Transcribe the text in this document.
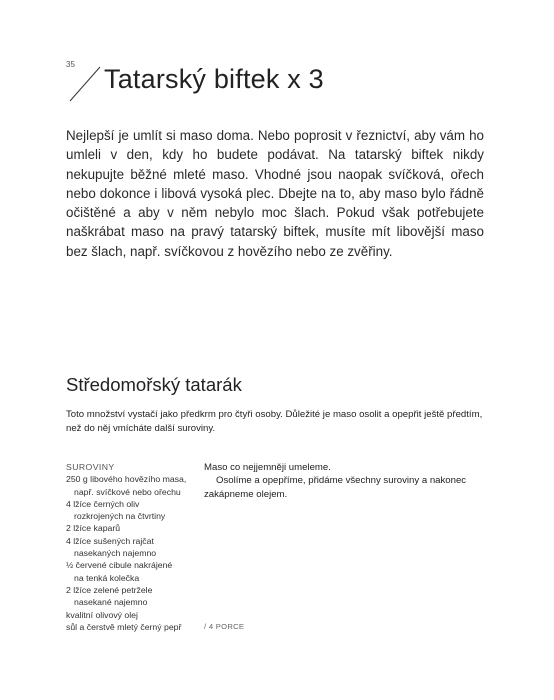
35 Tatarský biftek x 3

Nejlepší je umlít si maso doma. Nebo poprosit v řeznictví, aby vám ho umleli v den, kdy ho budete podávat. Na tatarský biftek nikdy nekupujte běžné mleté maso. Vhodné jsou naopak svíčková, ořech nebo dokonce i libová vysoká plec. Dbejte na to, aby maso bylo řádně očištěné a aby v něm nebylo moc šlach. Pokud však potřebujete naškrábat maso na pravý tatarský biftek, musíte mít libovější maso bez šlach, např. svíčkovou z hovězího nebo ze zvěřiny.

Středomořský tatarák

Toto množství vystačí jako předkrm pro čtyři osoby. Důležité je maso osolit a opepřit ještě předtím, než do něj vmícháte další suroviny.

SUROVINY
250 g libového hovězího masa,
např. svíčkové nebo ořechu
4 lžíce černých oliv
rozkrojených na čtvrtiny
2 lžíce kaparů
4 lžíce sušených rajčat
nasekaných najemno
½ červené cibule nakrájené
na tenká kolečka
2 lžíce zelené petržele
nasekané najemno
kvalitní olivový olej
sůl a čerstvě mletý černý pepř

Maso co nejjemněji umeleme.

Osolíme a opepříme, přidáme všechny suroviny a nakonec zakápneme olejem.

/ 4 PORCE
